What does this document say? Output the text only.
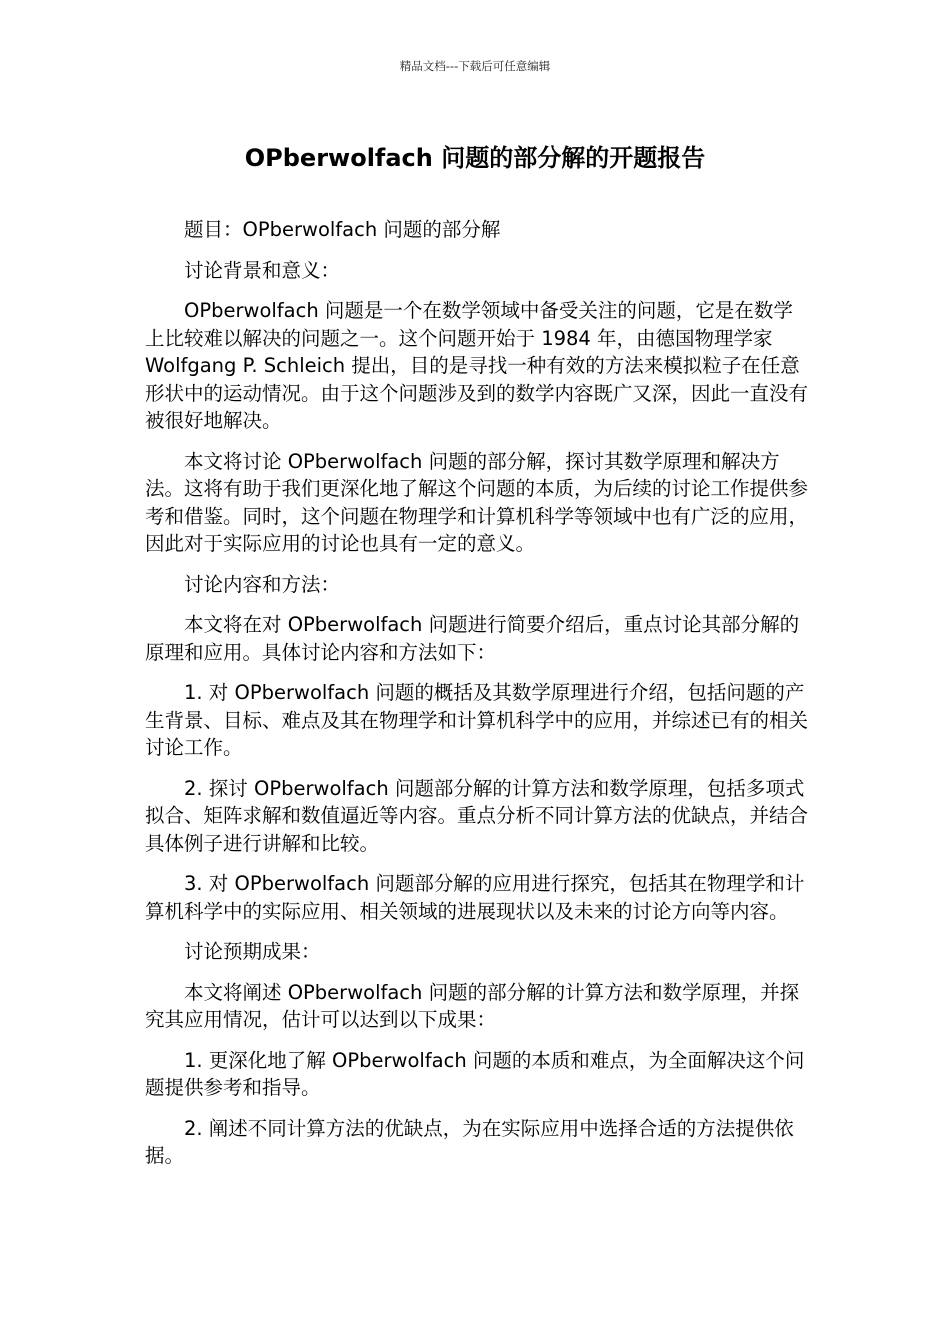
精品文档---下载后可任意编辑
OPberwolfach 问题的部分解的开题报告

题目：OPberwolfach 问题的部分解

讨论背景和意义：

OPberwolfach 问题是一个在数学领域中备受关注的问题，它是在数学上比较难以解决的问题之一。这个问题开始于 1984 年，由德国物理学家 Wolfgang P. Schleich 提出，目的是寻找一种有效的方法来模拟粒子在任意形状中的运动情况。由于这个问题涉及到的数学内容既广又深，因此一直没有被很好地解决。

本文将讨论 OPberwolfach 问题的部分解，探讨其数学原理和解决方法。这将有助于我们更深化地了解这个问题的本质，为后续的讨论工作提供参考和借鉴。同时，这个问题在物理学和计算机科学等领域中也有广泛的应用，因此对于实际应用的讨论也具有一定的意义。

讨论内容和方法：

本文将在对 OPberwolfach 问题进行简要介绍后，重点讨论其部分解的原理和应用。具体讨论内容和方法如下：

1. 对 OPberwolfach 问题的概括及其数学原理进行介绍，包括问题的产生背景、目标、难点及其在物理学和计算机科学中的应用，并综述已有的相关讨论工作。

2. 探讨 OPberwolfach 问题部分解的计算方法和数学原理，包括多项式拟合、矩阵求解和数值逼近等内容。重点分析不同计算方法的优缺点，并结合具体例子进行讲解和比较。

3. 对 OPberwolfach 问题部分解的应用进行探究，包括其在物理学和计算机科学中的实际应用、相关领域的进展现状以及未来的讨论方向等内容。

讨论预期成果：

本文将阐述 OPberwolfach 问题的部分解的计算方法和数学原理，并探究其应用情况，估计可以达到以下成果：

1. 更深化地了解 OPberwolfach 问题的本质和难点，为全面解决这个问题提供参考和指导。

2. 阐述不同计算方法的优缺点，为在实际应用中选择合适的方法提供依据。
